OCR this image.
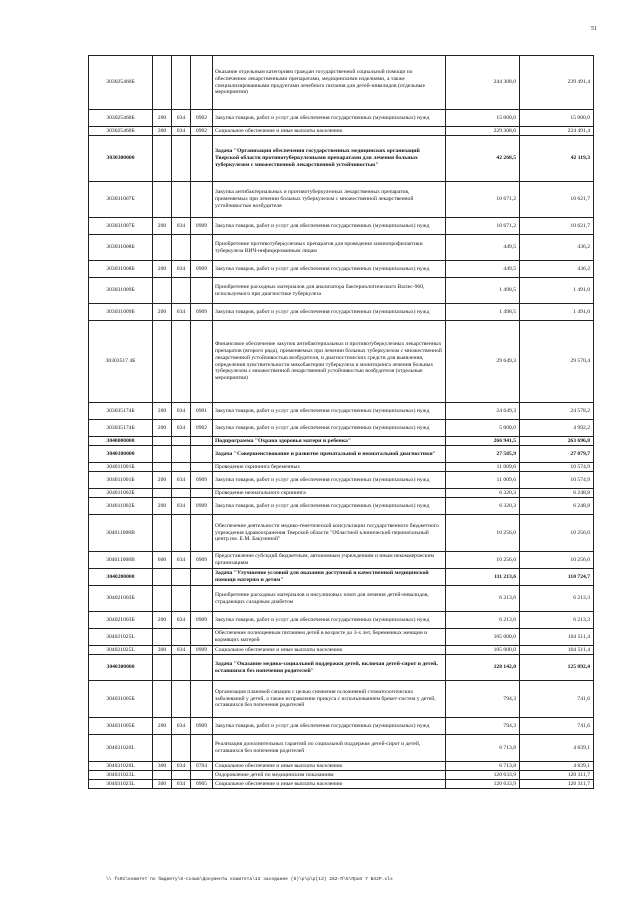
51
303025460Б				Оказание отдельным категориям граждан государственной социальной помощи по обеспечению лекарственными препаратами, медицинскими изделиями, а также специализированными продуктами лечебного питания для детей-инвалидов (отдельные мероприятия)	244 308,0	239 491,4
303025460Б	200	034	0902	Закупка товаров, работ и услуг для обеспечения государственных (муниципальных) нужд	15 000,0	15 000,0
303025460Б	300	034	0902	Социальное обеспечение и иные выплаты населению	229 308,0	224 491,4
3030300000				Задача "Организация обеспечения государственных медицинских организаций Тверской области противотуберкулезными препаратами для лечения больных туберкулезом с множественной лекарственной устойчивостью"	42 268,5	42 119,3
303031007Б				Закупка антибактериальных и противотуберкулезных лекарственных препаратов, применяемых при лечении больных туберкулезом с множественной лекарственной устойчивостью возбудителя	10 671,2	10 621,7
303031007Б	200	034	0909	Закупка товаров, работ и услуг для обеспечения государственных (муниципальных) нужд	10 671,2	10 621,7
303031008Б				Приобретение противотуберкулезных препаратов для проведения химиопрофилактики туберкулеза ВИЧ-инфицированным лицам	449,5	436,2
303031008Б	200	034	0909	Закупка товаров, работ и услуг для обеспечения государственных (муниципальных) нужд	449,5	436,2
303031009Б				Приобретение расходных материалов для анализатора бактериологического Bactec-960, используемого при диагностике туберкулеза	1 498,5	1 491,0
303031009Б	200	034	0909	Закупка товаров, работ и услуг для обеспечения государственных (муниципальных) нужд	1 498,5	1 491,0
30303517 4Б				Финансовое обеспечение закупок антибактериальных и противотуберкулезных лекарственных препаратов (второго ряда), применяемых при лечении больных туберкулезом с множественной лекарственной устойчивостью возбудителя, и диагностических средств для выявления, определения чувствительности микобактерии туберкулеза и мониторинга лечения больных туберкулезом с множественной лекарственной устойчивостью возбудителя (отдельные мероприятия)	29 649,3	29 570,4
303035174Б	200	034	0901	Закупка товаров, работ и услуг для обеспечения государственных (муниципальных) нужд	24 649,3	24 578,2
303035174Б	200	034	0902	Закупка товаров, работ и услуг для обеспечения государственных (муниципальных) нужд	5 000,0	4 992,2
3040000000				Подпрограмма "Охрана здоровья матери и ребенка"	266 941,5	263 696,8
3040100000				Задача "Совершенствование и развитие пренатальной и неонатальной диагностики"	27 585,9	27 079,7
304011001Б				Проведение скрининга беременных	11 009,6	10 574,9
304011001Б	200	034	0909	Закупка товаров, работ и услуг для обеспечения государственных (муниципальных) нужд	11 009,6	10 574,9
304011002Б				Проведение неонатального скрининга	6 320,3	6 248,8
304011002Б	200	034	0909	Закупка товаров, работ и услуг для обеспечения государственных (муниципальных) нужд	6 320,3	6 248,8
304011008В				Обеспечение деятельности медико-генетической консультации государственного бюджетного учреждения здравоохранения Тверской области "Областной клинический перинатальный центр им. Е.М. Бакуниной"	10 256,0	10 256,0
304011008В	600	034	0909	Предоставление субсидий бюджетным, автономным учреждениям и иным некоммерческим организациям	10 256,0	10 256,0
3040200000				Задача "Улучшение условий для оказания доступной и качественной медицинской помощи матерям и детям"	111 213,6	110 724,7
304021003Б				Приобретение расходных материалов и инсулиновых помп для лечения детей-инвалидов, страдающих сахарным диабетом	6 213,6	6 213,3
304021003Б	200	034	0909	Закупка товаров, работ и услуг для обеспечения государственных (муниципальных) нужд	6 213,6	6 213,3
304021025L				Обеспечение полноценным питанием детей в возрасте до 3-х лет, беременных женщин и кормящих матерей	105 000,0	104 511,4
304021025L	300	034	0909	Социальное обеспечение и иные выплаты населению	105 000,0	104 511,4
3040300000				Задача "Оказание медико-социальной поддержки детей, включая детей-сирот и детей, оставшихся без попечения родителей"	128 142,0	125 892,4
304031005Б				Организация плановой санации с целью снижения осложнений стоматологических заболеваний у детей, а также исправление прикуса с использованием брекет-систем у детей, оставшихся без попечения родителей	794,3	741,6
304031005Б	200	034	0909	Закупка товаров, работ и услуг для обеспечения государственных (муниципальных) нужд	794,3	741,6
304031020L				Реализация дополнительных гарантий по социальной поддержке детей-сирот и детей, оставшихся без попечения родителей	6 713,8	4 839,1
304031020L	300	034	0704	Социальное обеспечение и иные выплаты населению	6 713,8	4 839,1
304031023L				Оздоровление детей по медицинским показаниям	120 633,9	120 311,7
304031023L	300	034	0905	Социальное обеспечение и иные выплаты населению	120 633,9	120 311,7
\\ fs01\комитет по бюджету\8-созыв\Документы комитета\13 заседание (6)\р\р\р(13) 282-П\5\Прил 7 Бл2Р.xls
